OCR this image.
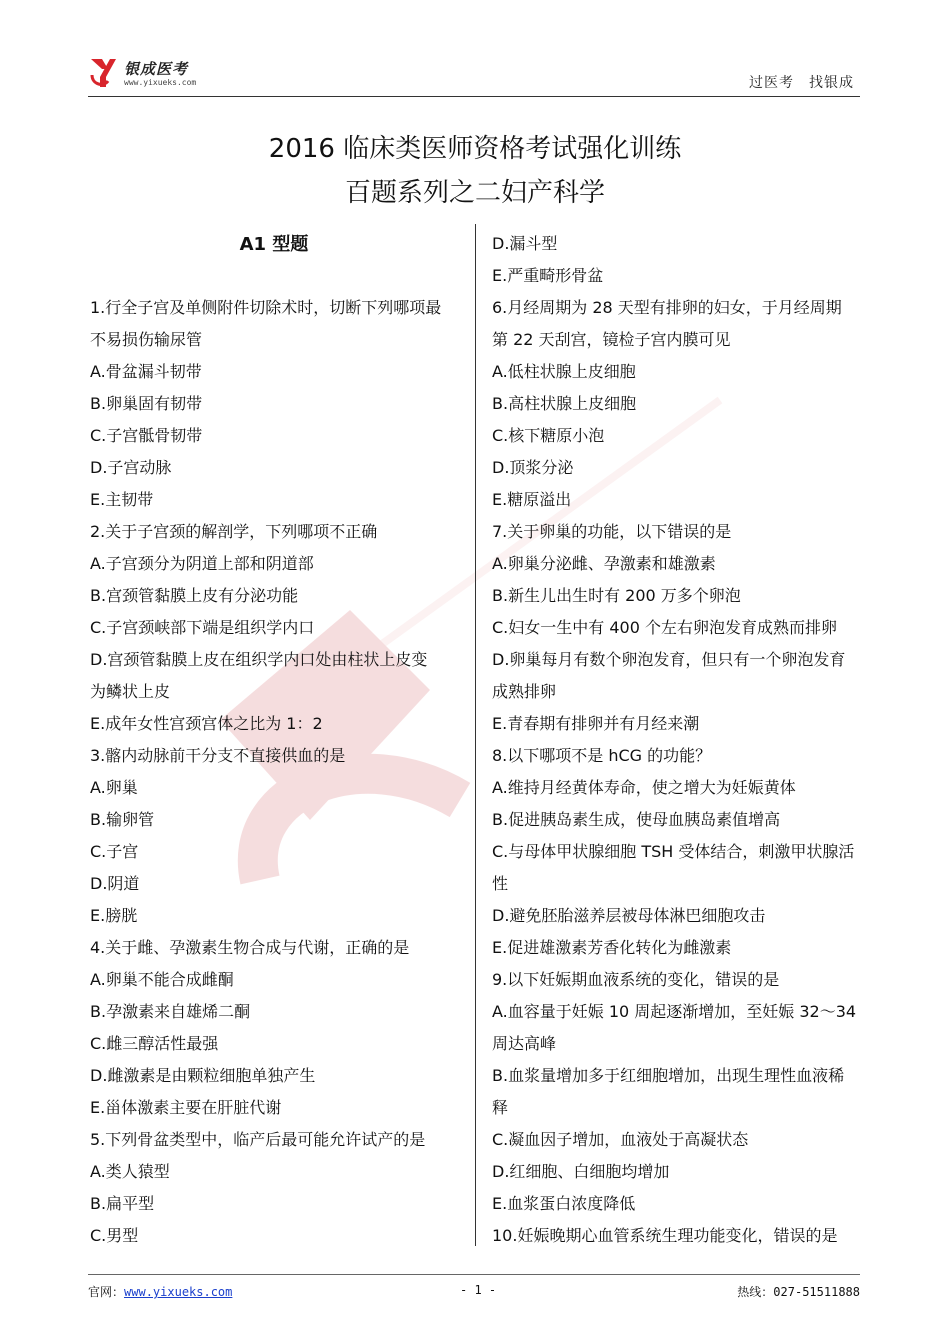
银成医考
www.yixueks.com	过医考　找银成
2016 临床类医师资格考试强化训练
百题系列之二妇产科学
A1 型题
1.行全子宫及单侧附件切除术时，切断下列哪项最
不易损伤输尿管
A.骨盆漏斗韧带
B.卵巢固有韧带
C.子宫骶骨韧带
D.子宫动脉
E.主韧带
2.关于子宫颈的解剖学，下列哪项不正确
A.子宫颈分为阴道上部和阴道部
B.宫颈管黏膜上皮有分泌功能
C.子宫颈峡部下端是组织学内口
D.宫颈管黏膜上皮在组织学内口处由柱状上皮变
为鳞状上皮
E.成年女性宫颈宫体之比为 1：2
3.髂内动脉前干分支不直接供血的是
A.卵巢
B.输卵管
C.子宫
D.阴道
E.膀胱
4.关于雌、孕激素生物合成与代谢，正确的是
A.卵巢不能合成雌酮
B.孕激素来自雄烯二酮
C.雌三醇活性最强
D.雌激素是由颗粒细胞单独产生
E.甾体激素主要在肝脏代谢
5.下列骨盆类型中，临产后最可能允许试产的是
A.类人猿型
B.扁平型
C.男型
D.漏斗型
E.严重畸形骨盆
6.月经周期为 28 天型有排卵的妇女，于月经周期
第 22 天刮宫，镜检子宫内膜可见
A.低柱状腺上皮细胞
B.高柱状腺上皮细胞
C.核下糖原小泡
D.顶浆分泌
E.糖原溢出
7.关于卵巢的功能，以下错误的是
A.卵巢分泌雌、孕激素和雄激素
B.新生儿出生时有 200 万多个卵泡
C.妇女一生中有 400 个左右卵泡发育成熟而排卵
D.卵巢每月有数个卵泡发育，但只有一个卵泡发育
成熟排卵
E.青春期有排卵并有月经来潮
8.以下哪项不是 hCG 的功能？
A.维持月经黄体寿命，使之增大为妊娠黄体
B.促进胰岛素生成，使母血胰岛素值增高
C.与母体甲状腺细胞 TSH 受体结合，刺激甲状腺活
性
D.避免胚胎滋养层被母体淋巴细胞攻击
E.促进雄激素芳香化转化为雌激素
9.以下妊娠期血液系统的变化，错误的是
A.血容量于妊娠 10 周起逐渐增加，至妊娠 32～34
周达高峰
B.血浆量增加多于红细胞增加，出现生理性血液稀
释
C.凝血因子增加，血液处于高凝状态
D.红细胞、白细胞均增加
E.血浆蛋白浓度降低
10.妊娠晚期心血管系统生理功能变化，错误的是
官网：www.yixueks.com	- 1 -	热线：027-51511888
